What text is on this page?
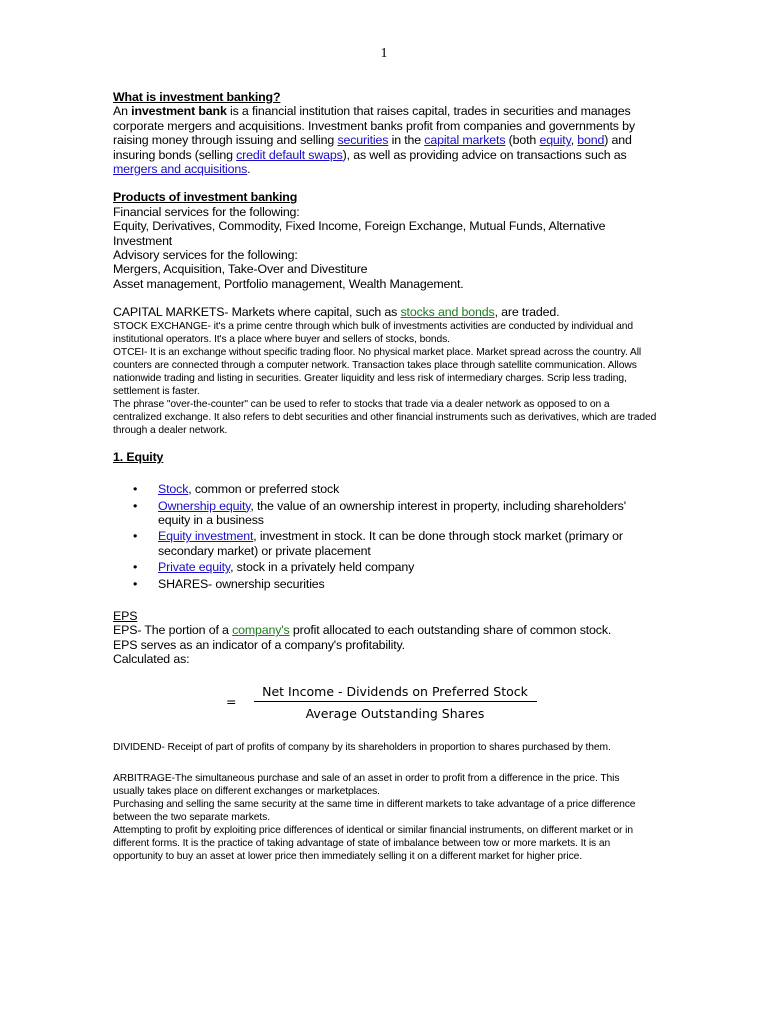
1
What is investment banking?

An investment bank is a financial institution that raises capital, trades in securities and manages corporate mergers and acquisitions. Investment banks profit from companies and governments by raising money through issuing and selling securities in the capital markets (both equity, bond) and insuring bonds (selling credit default swaps), as well as providing advice on transactions such as mergers and acquisitions.

Products of investment banking
Financial services for the following:
Equity, Derivatives, Commodity, Fixed Income, Foreign Exchange, Mutual Funds, Alternative Investment
Advisory services for the following:
Mergers, Acquisition, Take-Over and Divestiture
Asset management, Portfolio management, Wealth Management.
CAPITAL MARKETS- Markets where capital, such as stocks and bonds, are traded.
STOCK EXCHANGE- it's a prime centre through which bulk of investments activities are conducted by individual and institutional operators. It's a place where buyer and sellers of stocks, bonds.
OTCEI- It is an exchange without specific trading floor. No physical market place. Market spread across the country. All counters are connected through a computer network. Transaction takes place through satellite communication. Allows nationwide trading and listing in securities. Greater liquidity and less risk of intermediary charges. Scrip less trading, settlement is faster.
The phrase "over-the-counter" can be used to refer to stocks that trade via a dealer network as opposed to on a centralized exchange. It also refers to debt securities and other financial instruments such as derivatives, which are traded through a dealer network.
1. Equity
• Stock, common or preferred stock
• Ownership equity, the value of an ownership interest in property, including shareholders' equity in a business
• Equity investment, investment in stock. It can be done through stock market (primary or secondary market) or private placement
• Private equity, stock in a privately held company
• SHARES- ownership securities
EPS
EPS- The portion of a company's profit allocated to each outstanding share of common stock.
EPS serves as an indicator of a company's profitability.
Calculated as:
=
Net Income - Dividends on Preferred Stock
Average Outstanding Shares
DIVIDEND- Receipt of part of profits of company by its shareholders in proportion to shares purchased by them.
ARBITRAGE-The simultaneous purchase and sale of an asset in order to profit from a difference in the price. This usually takes place on different exchanges or marketplaces.
Purchasing and selling the same security at the same time in different markets to take advantage of a price difference between the two separate markets.
Attempting to profit by exploiting price differences of identical or similar financial instruments, on different market or in different forms. It is the practice of taking advantage of state of imbalance between tow or more markets. It is an opportunity to buy an asset at lower price then immediately selling it on a different market for higher price.
